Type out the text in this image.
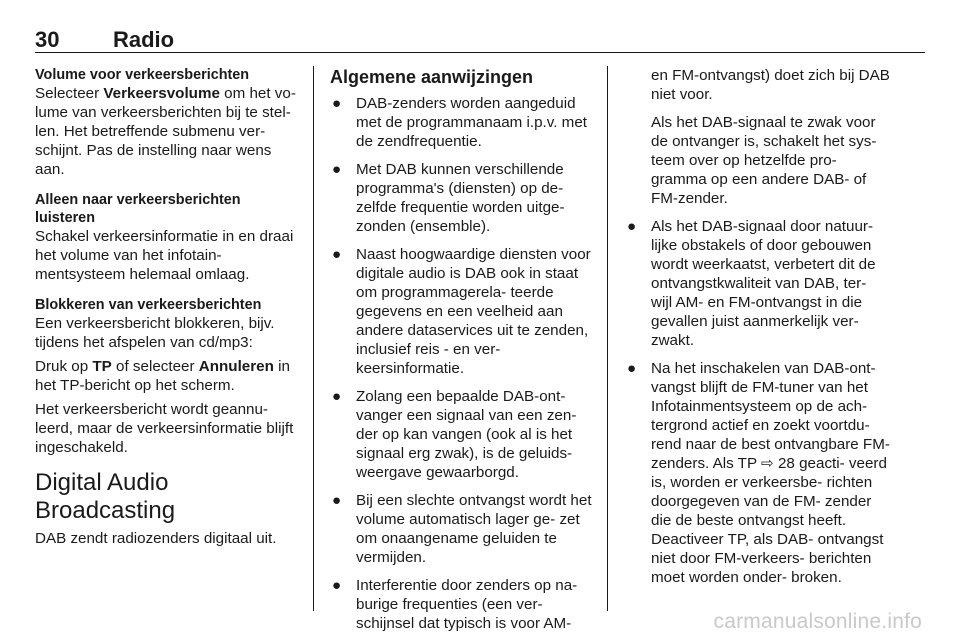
30 Radio
Volume voor verkeersberichten

Selecteer Verkeersvolume om het vo- lume van verkeersberichten bij te stel- len. Het betreffende submenu ver- schijnt. Pas de instelling naar wens aan.

Alleen naar verkeersberichten luisteren

Schakel verkeersinformatie in en draai het volume van het infotain- mentsysteem helemaal omlaag.

Blokkeren van verkeersberichten

Een verkeersbericht blokkeren, bijv. tijdens het afspelen van cd/mp3:

Druk op TP of selecteer Annuleren in het TP-bericht op het scherm.

Het verkeersbericht wordt geannu- leerd, maar de verkeersinformatie blijft ingeschakeld.

Digital Audio Broadcasting

DAB zendt radiozenders digitaal uit.

Algemene aanwijzingen
● DAB-zenders worden aangeduid met de programmanaam i.p.v. met de zendfrequentie.
● Met DAB kunnen verschillende programma's (diensten) op de- zelfde frequentie worden uitge- zonden (ensemble).
● Naast hoogwaardige diensten voor digitale audio is DAB ook in staat om programmagerela- teerde gegevens en een veelheid aan andere dataservices uit te zenden, inclusief reis - en ver- keersinformatie.
● Zolang een bepaalde DAB-ont- vanger een signaal van een zen- der op kan vangen (ook al is het signaal erg zwak), is de geluids- weergave gewaarborgd.
● Bij een slechte ontvangst wordt het volume automatisch lager ge- zet om onaangename geluiden te vermijden.
● Interferentie door zenders op na- burige frequenties (een ver- schijnsel dat typisch is voor AM-

en FM-ontvangst) doet zich bij DAB niet voor.

Als het DAB-signaal te zwak voor de ontvanger is, schakelt het sys- teem over op hetzelfde pro- gramma op een andere DAB- of FM-zender.

● Als het DAB-signaal door natuur- lijke obstakels of door gebouwen wordt weerkaatst, verbetert dit de ontvangstkwaliteit van DAB, ter- wijl AM- en FM-ontvangst in die gevallen juist aanmerkelijk ver- zwakt.
● Na het inschakelen van DAB-ont- vangst blijft de FM-tuner van het Infotainmentsysteem op de ach- tergrond actief en zoekt voortdu- rend naar de best ontvangbare FM-zenders. Als TP ⇨ 28 geacti- veerd is, worden er verkeersbe- richten doorgegeven van de FM- zender die de beste ontvangst heeft. Deactiveer TP, als DAB- ontvangst niet door FM-verkeers- berichten moet worden onder- broken.
carmanualsonline.info
